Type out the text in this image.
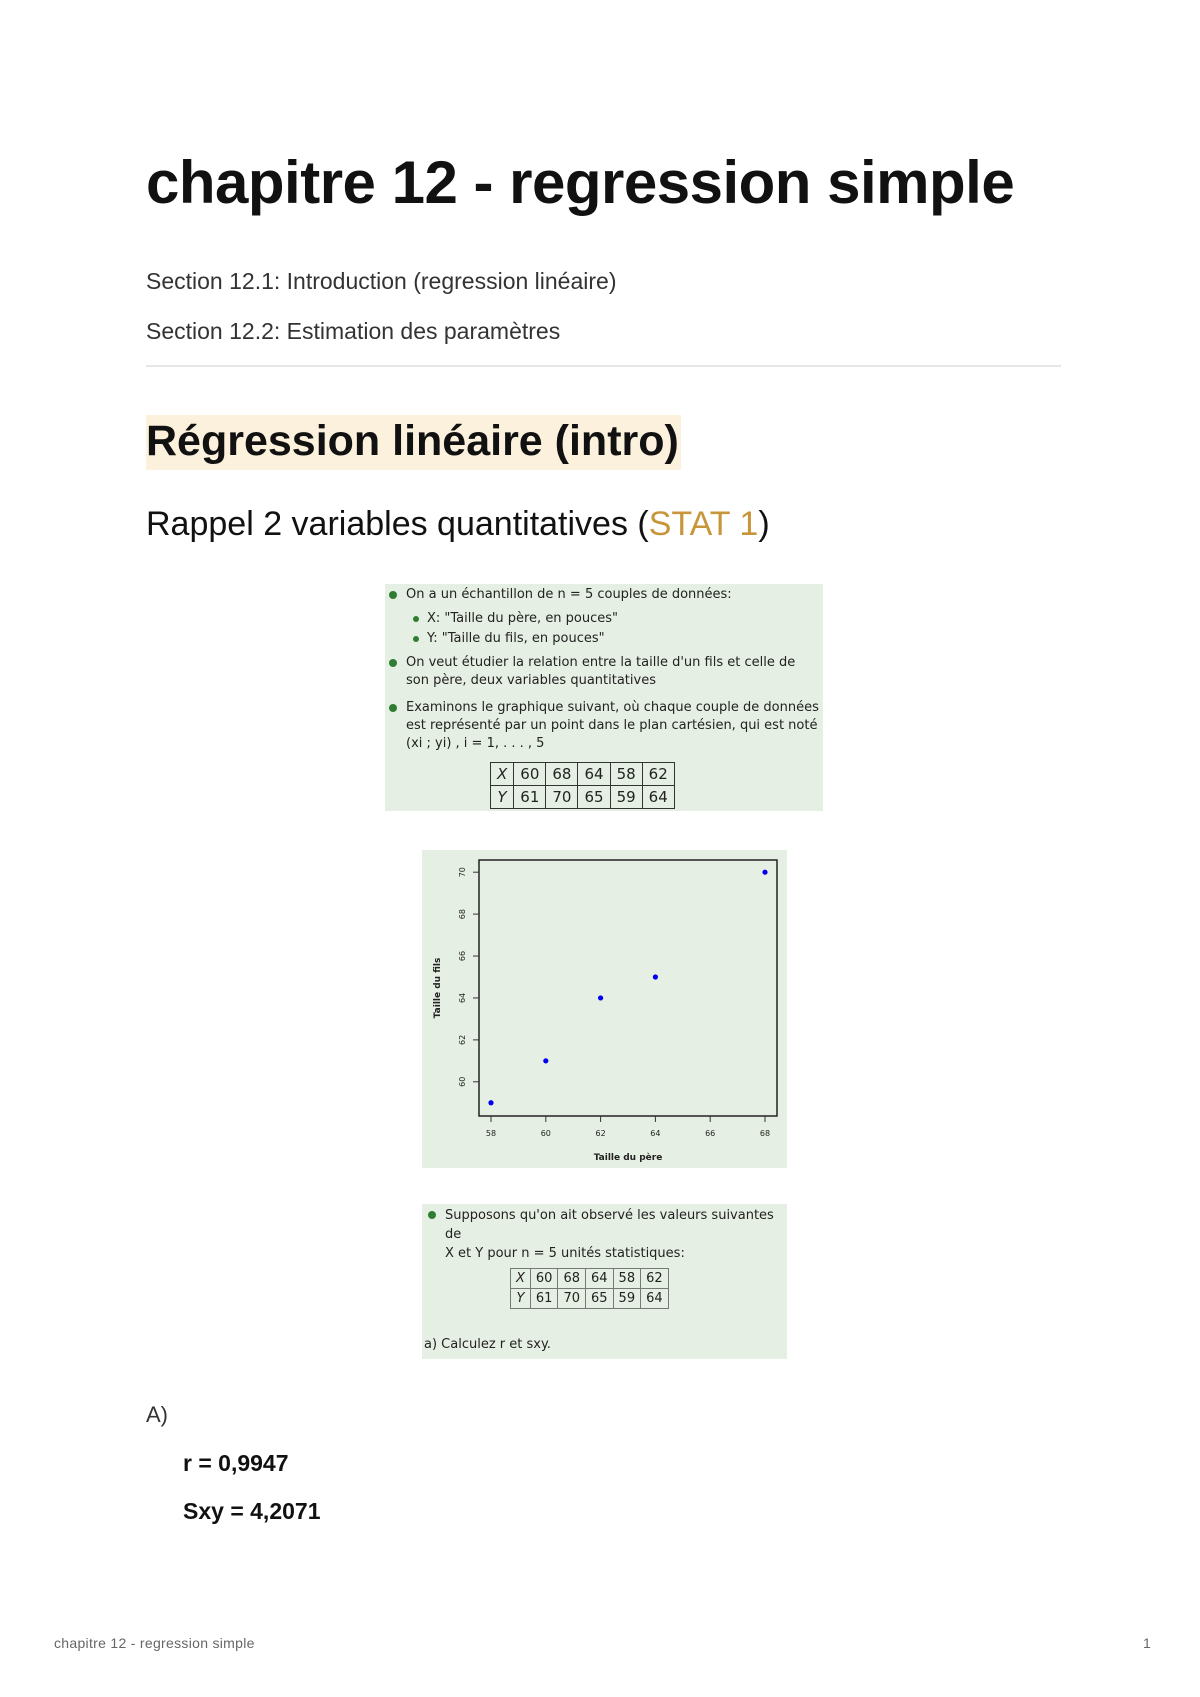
chapitre 12 - regression simple

Section 12.1: Introduction (regression linéaire)

Section 12.2: Estimation des paramètres

Régression linéaire (intro)
Rappel 2 variables quantitatives (STAT 1)
On a un échantillon de n = 5 couples de données:
X: "Taille du père, en pouces"
Y: "Taille du fils, en pouces"
On veut étudier la relation entre la taille d'un fils et celle de
son père, deux variables quantitatives
Examinons le graphique suivant, où chaque couple de données
est représenté par un point dans le plan cartésien, qui est noté
(xi ; yi) , i = 1, . . . , 5
X	60	68	64	58	62
Y	61	70	65	59	64
58	60	62	64	66	68
60
62
64
66
68
70
Taille du père
Taille du fils
Supposons qu'on ait observé les valeurs suivantes de
X et Y pour n = 5 unités statistiques:
X	60	68	64	58	62
Y	61	70	65	59	64
a) Calculez r et sxy.
A)
r = 0,9947
Sxy = 4,2071
chapitre 12 - regression simple	1
